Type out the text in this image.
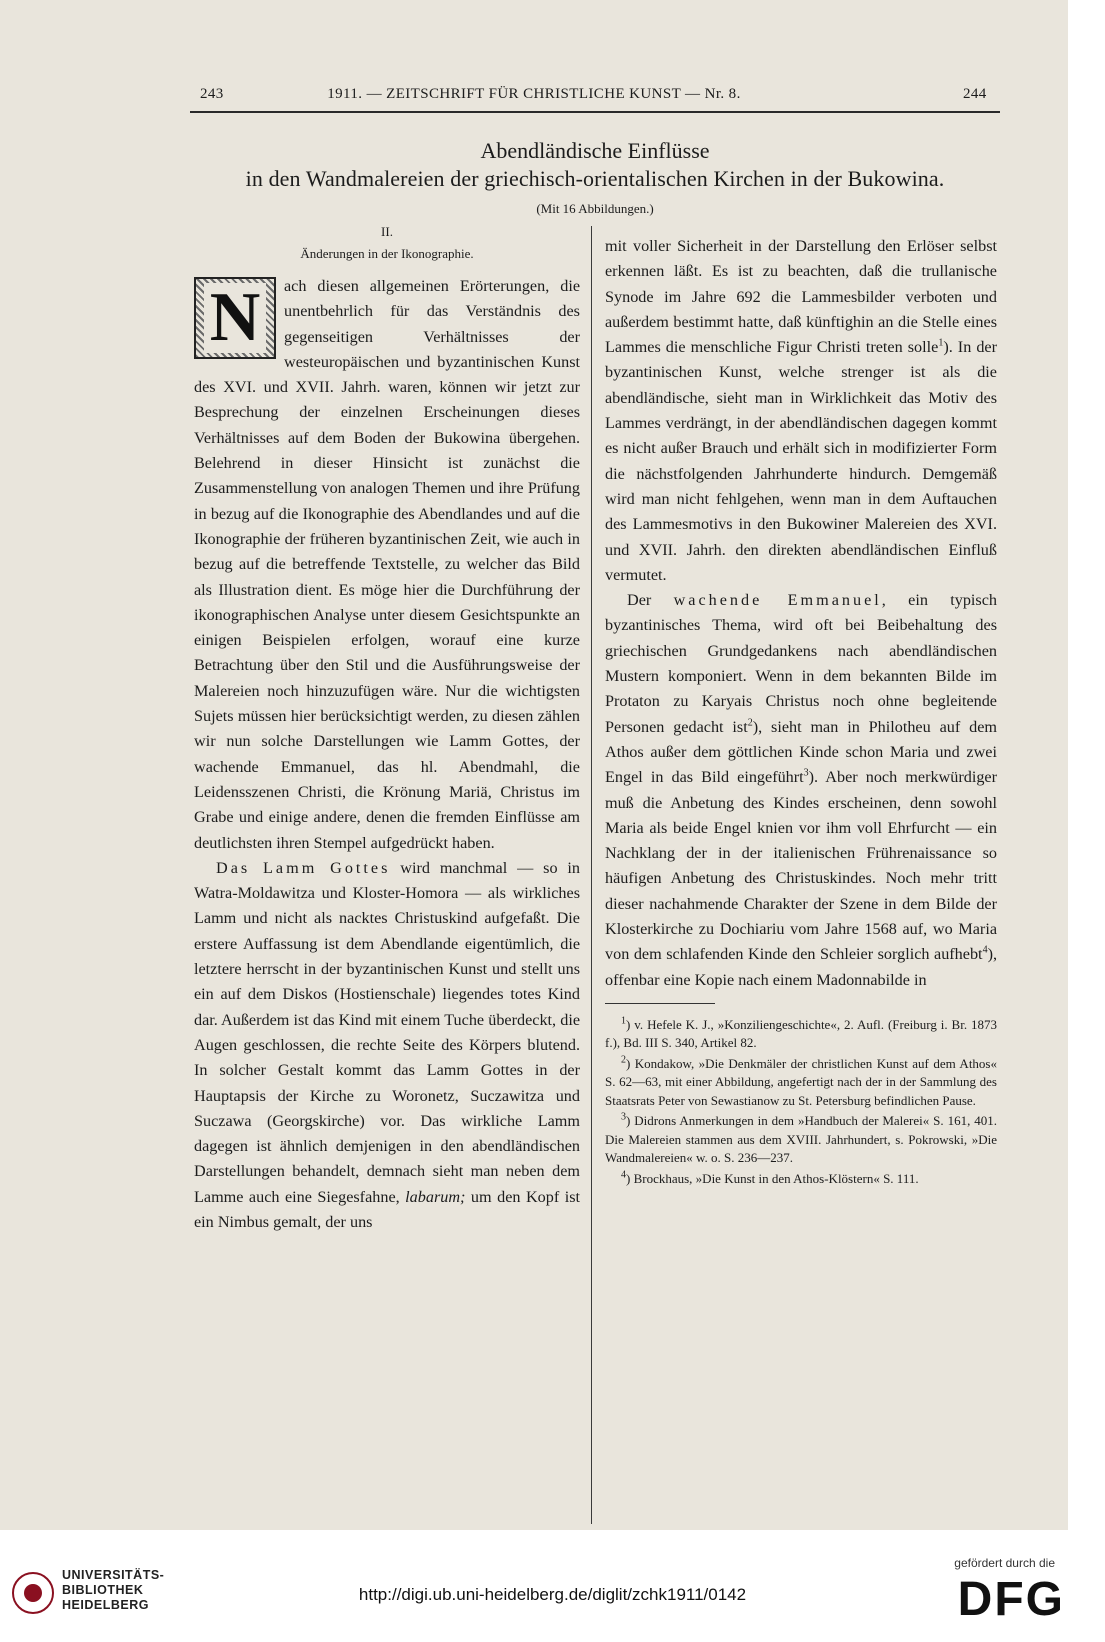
243	1911. — ZEITSCHRIFT FÜR CHRISTLICHE KUNST — Nr. 8.	244
Abendländische Einflüsse
in den Wandmalereien der griechisch-orientalischen Kirchen in der Bukowina.
(Mit 16 Abbildungen.)
II.
Änderungen in der Ikonographie.

N	ach diesen allgemeinen Erörterungen, die unentbehrlich für das Verständnis des gegenseitigen Verhältnisses der westeuropäischen und byzantinischen Kunst des XVI. und XVII. Jahrh. waren, können wir jetzt zur Besprechung der einzelnen Erscheinungen dieses Verhältnisses auf dem Boden der Bukowina übergehen. Belehrend in dieser Hinsicht ist zunächst die Zusammenstellung von analogen Themen und ihre Prüfung in bezug auf die Ikonographie des Abendlandes und auf die Ikonographie der früheren byzantinischen Zeit, wie auch in bezug auf die betreffende Textstelle, zu welcher das Bild als Illustration dient. Es möge hier die Durchführung der ikonographischen Analyse unter diesem Gesichtspunkte an einigen Beispielen erfolgen, worauf eine kurze Betrachtung über den Stil und die Ausführungsweise der Malereien noch hinzuzufügen wäre. Nur die wichtigsten Sujets müssen hier berücksichtigt werden, zu diesen zählen wir nun solche Darstellungen wie Lamm Gottes, der wachende Emmanuel, das hl. Abendmahl, die Leidensszenen Christi, die Krönung Mariä, Christus im Grabe und einige andere, denen die fremden Einflüsse am deutlichsten ihren Stempel aufgedrückt haben.

Das Lamm Gottes wird manchmal — so in Watra-Moldawitza und Kloster-Homora — als wirkliches Lamm und nicht als nacktes Christuskind aufgefaßt. Die erstere Auffassung ist dem Abendlande eigentümlich, die letztere herrscht in der byzantinischen Kunst und stellt uns ein auf dem Diskos (Hostienschale) liegendes totes Kind dar. Außerdem ist das Kind mit einem Tuche überdeckt, die Augen geschlossen, die rechte Seite des Körpers blutend. In solcher Gestalt kommt das Lamm Gottes in der Hauptapsis der Kirche zu Woronetz, Suczawitza und Suczawa (Georgskirche) vor. Das wirkliche Lamm dagegen ist ähnlich demjenigen in den abendländischen Darstellungen behandelt, demnach sieht man neben dem Lamme auch eine Siegesfahne, labarum; um den Kopf ist ein Nimbus gemalt, der uns

mit voller Sicherheit in der Darstellung den Erlöser selbst erkennen läßt. Es ist zu beachten, daß die trullanische Synode im Jahre 692 die Lammesbilder verboten und außerdem bestimmt hatte, daß künftighin an die Stelle eines Lammes die menschliche Figur Christi treten solle$^1$). In der byzantinischen Kunst, welche strenger ist als die abendländische, sieht man in Wirklichkeit das Motiv des Lammes verdrängt, in der abendländischen dagegen kommt es nicht außer Brauch und erhält sich in modifizierter Form die nächstfolgenden Jahrhunderte hindurch. Demgemäß wird man nicht fehlgehen, wenn man in dem Auftauchen des Lammesmotivs in den Bukowiner Malereien des XVI. und XVII. Jahrh. den direkten abendländischen Einfluß vermutet.

Der wachende Emmanuel, ein typisch byzantinisches Thema, wird oft bei Beibehaltung des griechischen Grundgedankens nach abendländischen Mustern komponiert. Wenn in dem bekannten Bilde im Protaton zu Karyais Christus noch ohne begleitende Personen gedacht ist$^2$), sieht man in Philotheu auf dem Athos außer dem göttlichen Kinde schon Maria und zwei Engel in das Bild eingeführt$^3$). Aber noch merkwürdiger muß die Anbetung des Kindes erscheinen, denn sowohl Maria als beide Engel knien vor ihm voll Ehrfurcht — ein Nachklang der in der italienischen Frührenaissance so häufigen Anbetung des Christuskindes. Noch mehr tritt dieser nachahmende Charakter der Szene in dem Bilde der Klosterkirche zu Dochiariu vom Jahre 1568 auf, wo Maria von dem schlafenden Kinde den Schleier sorglich aufhebt$^4$), offenbar eine Kopie nach einem Madonnabilde in

$^1$) v. Hefele K. J., »Konziliengeschichte«, 2. Aufl. (Freiburg i. Br. 1873 f.), Bd. III S. 340, Artikel 82.

$^2$) Kondakow, »Die Denkmäler der christlichen Kunst auf dem Athos« S. 62—63, mit einer Abbildung, angefertigt nach der in der Sammlung des Staatsrats Peter von Sewastianow zu St. Petersburg befindlichen Pause.

$^3$) Didrons Anmerkungen in dem »Handbuch der Malerei« S. 161, 401. Die Malereien stammen aus dem XVIII. Jahrhundert, s. Pokrowski, »Die Wandmalereien« w. o. S. 236—237.

$^4$) Brockhaus, »Die Kunst in den Athos-Klöstern« S. 111.

UNIVERSITÄTS-
BIBLIOTHEK
HEIDELBERG
http://digi.ub.uni-heidelberg.de/diglit/zchk1911/0142
gefördert durch die
DFG
